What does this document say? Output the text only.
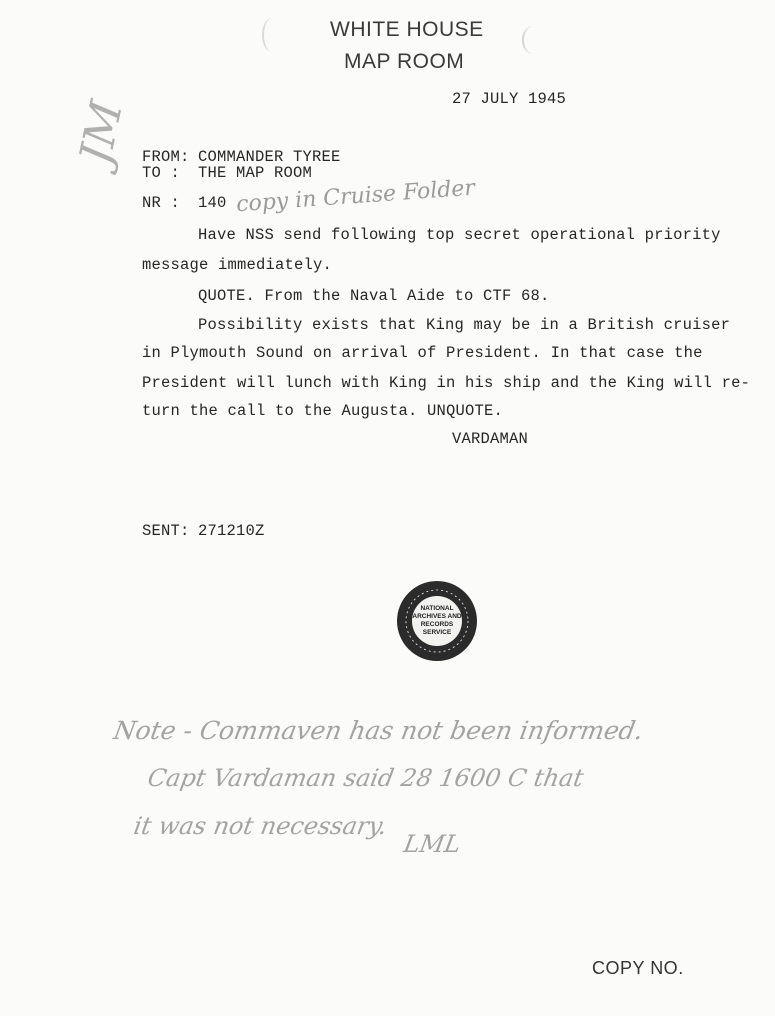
WHITE HOUSE
MAP ROOM
27 JULY 1945
JM FROM: COMMANDER TYREE
TO : THE MAP ROOM
NR : 140 copy in Cruise Folder
Have NSS send following top secret operational priority
message immediately.
QUOTE. From the Naval Aide to CTF 68.
Possibility exists that King may be in a British cruiser
in Plymouth Sound on arrival of President. In that case the
President will lunch with King in his ship and the King will re-
turn the call to the Augusta. UNQUOTE.
VARDAMAN
SENT: 271210Z
NATIONAL
ARCHIVES AND
RECORDS
SERVICE
Note - Commaven has not been informed.
Capt Vardaman said 28 1600 C that
it was not necessary.
LML
COPY NO.
